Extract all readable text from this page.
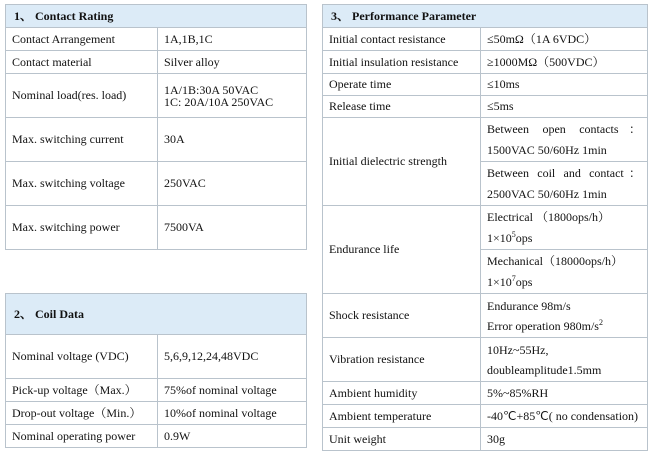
1、 Contact Rating	
Contact Arrangement	1A,1B,1C
Contact material	Silver alloy
Nominal load(res. load)	1A/1B:30A 50VAC
1C: 20A/10A 250VAC

Max. switching current	30A
Max. switching voltage	250VAC
Max. switching power	7500VA
2、 Coil Data	
Nominal voltage (VDC)	5,6,9,12,24,48VDC
Pick-up voltage（Max.）	75%of nominal voltage
Drop-out voltage（Min.）	10%of nominal voltage
Nominal operating power	0.9W
3、 Performance Parameter	
Initial contact resistance	≤50mΩ（1A 6VDC）
Initial insulation resistance	≥1000MΩ（500VDC）
Operate time	≤10ms
Release time	≤5ms
Initial dielectric strength	Between open contacts：
1500VAC 50/60Hz 1min

	Between coil and contact：
2500VAC 50/60Hz 1min

Endurance life	Electrical （1800ops/h）
$1\times 10^5ops$

	Mechanical（18000ops/h）
$1\times 10^7ops$

Shock resistance	Endurance 98m/s
Error operation $980m/s^2$

Vibration resistance	10Hz~55Hz,
doubleamplitude1.5mm

Ambient humidity	5%~85%RH
Ambient temperature	-40℃+85℃( no condensation)
Unit weight	30g
